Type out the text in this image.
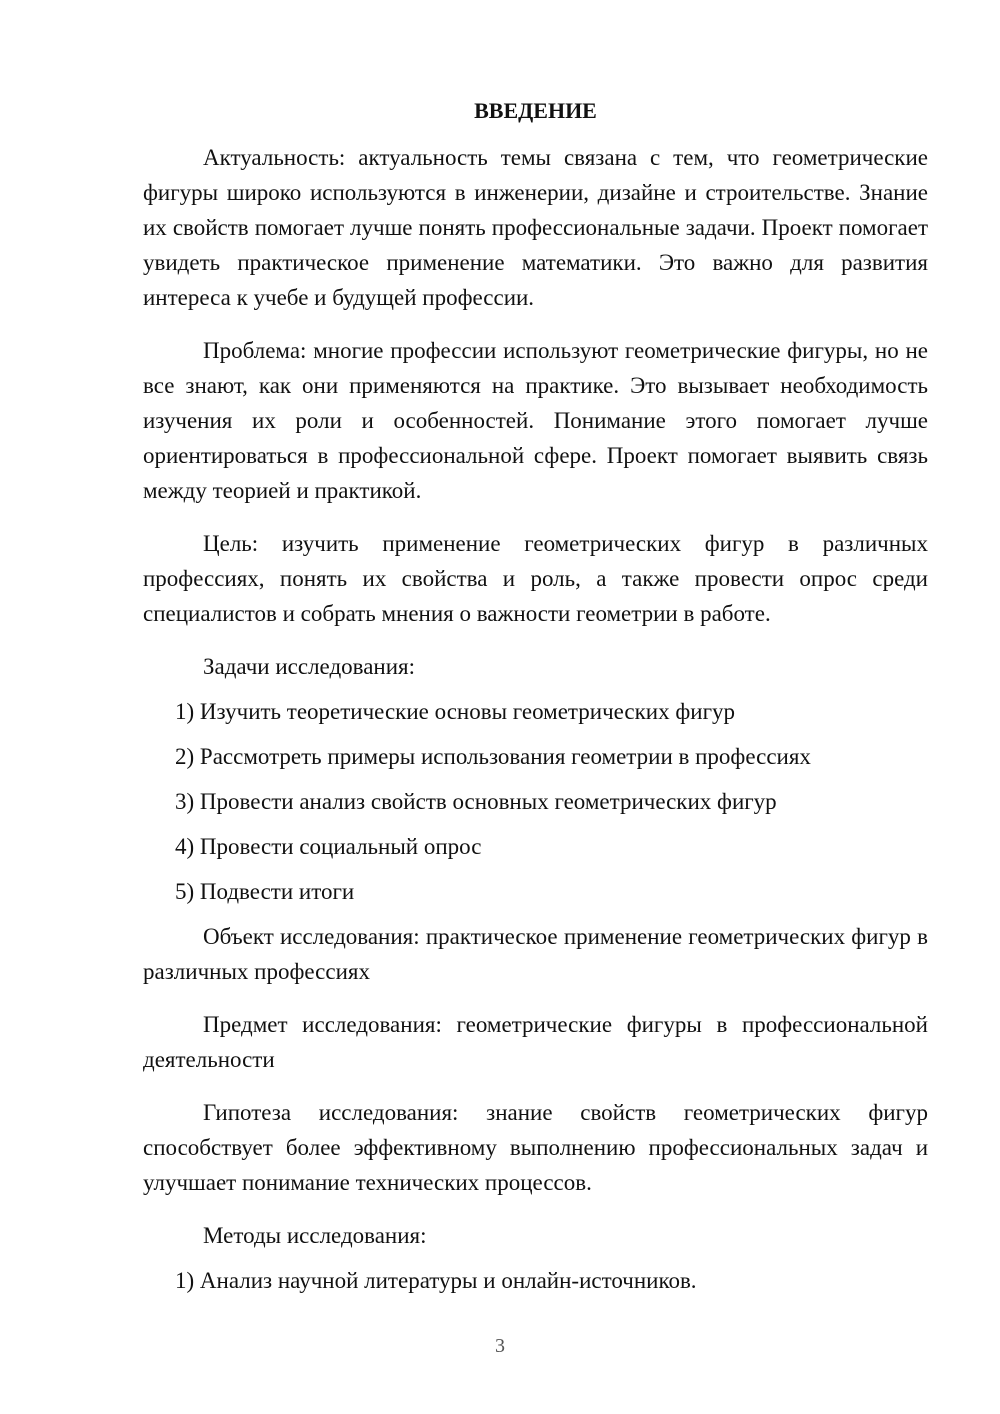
ВВЕДЕНИЕ

Актуальность: актуальность темы связана с тем, что геометрические фигуры широко используются в инженерии, дизайне и строительстве. Знание их свойств помогает лучше понять профессиональные задачи. Проект помогает увидеть практическое применение математики. Это важно для развития интереса к учебе и будущей профессии.

Проблема: многие профессии используют геометрические фигуры, но не все знают, как они применяются на практике. Это вызывает необходимость изучения их роли и особенностей. Понимание этого помогает лучше ориентироваться в профессиональной сфере. Проект помогает выявить связь между теорией и практикой.

Цель: изучить применение геометрических фигур в различных профессиях, понять их свойства и роль, а также провести опрос среди специалистов и собрать мнения о важности геометрии в работе.

Задачи исследования:

1) Изучить теоретические основы геометрических фигур
2) Рассмотреть примеры использования геометрии в профессиях
3) Провести анализ свойств основных геометрических фигур
4) Провести социальный опрос
5) Подвести итоги

Объект исследования: практическое применение геометрических фигур в различных профессиях

Предмет исследования: геометрические фигуры в профессиональной деятельности

Гипотеза исследования: знание свойств геометрических фигур способствует более эффективному выполнению профессиональных задач и улучшает понимание технических процессов.

Методы исследования:

1) Анализ научной литературы и онлайн-источников.
3
